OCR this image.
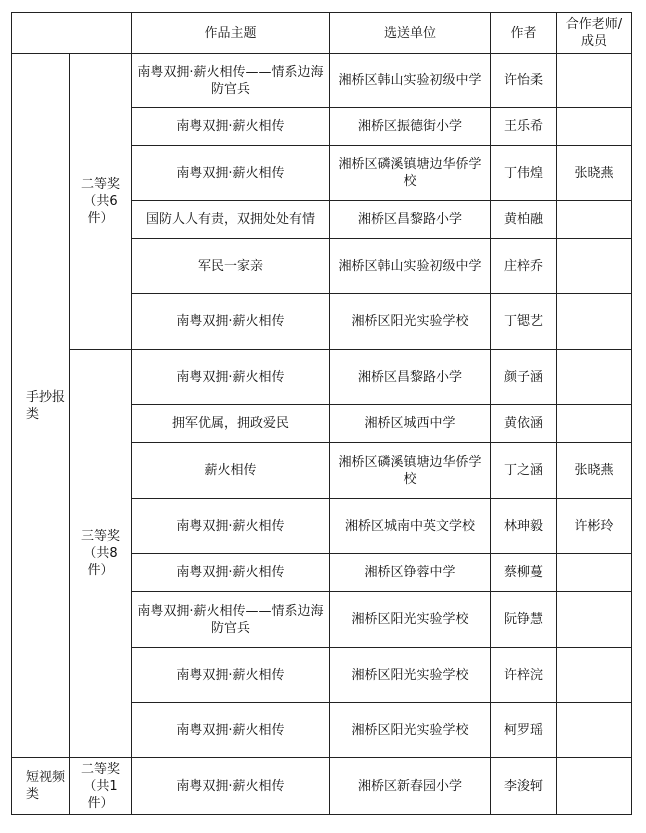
		作品主题	选送单位	作者	合作老师/成员
手抄报类	二等奖（共6件）	南粤双拥·薪火相传——情系边海防官兵	湘桥区韩山实验初级中学	许怡柔	
		南粤双拥·薪火相传	湘桥区振德街小学	王乐希	
		南粤双拥·薪火相传	湘桥区磷溪镇塘边华侨学校	丁伟煌	张晓燕
		国防人人有责，双拥处处有情	湘桥区昌黎路小学	黄柏融	
		军民一家亲	湘桥区韩山实验初级中学	庄梓乔	
		南粤双拥·薪火相传	湘桥区阳光实验学校	丁锶艺	
	三等奖（共8件）	南粤双拥·薪火相传	湘桥区昌黎路小学	颜子涵	
		拥军优属，拥政爱民	湘桥区城西中学	黄依涵	
		薪火相传	湘桥区磷溪镇塘边华侨学校	丁之涵	张晓燕
		南粤双拥·薪火相传	湘桥区城南中英文学校	林珅毅	许彬玲
		南粤双拥·薪火相传	湘桥区铮蓉中学	蔡柳蔓	
		南粤双拥·薪火相传——情系边海防官兵	湘桥区阳光实验学校	阮铮慧	
		南粤双拥·薪火相传	湘桥区阳光实验学校	许梓浣	
		南粤双拥·薪火相传	湘桥区阳光实验学校	柯罗瑶	
短视频类	二等奖（共1件）	南粤双拥·薪火相传	湘桥区新春园小学	李浚轲	
